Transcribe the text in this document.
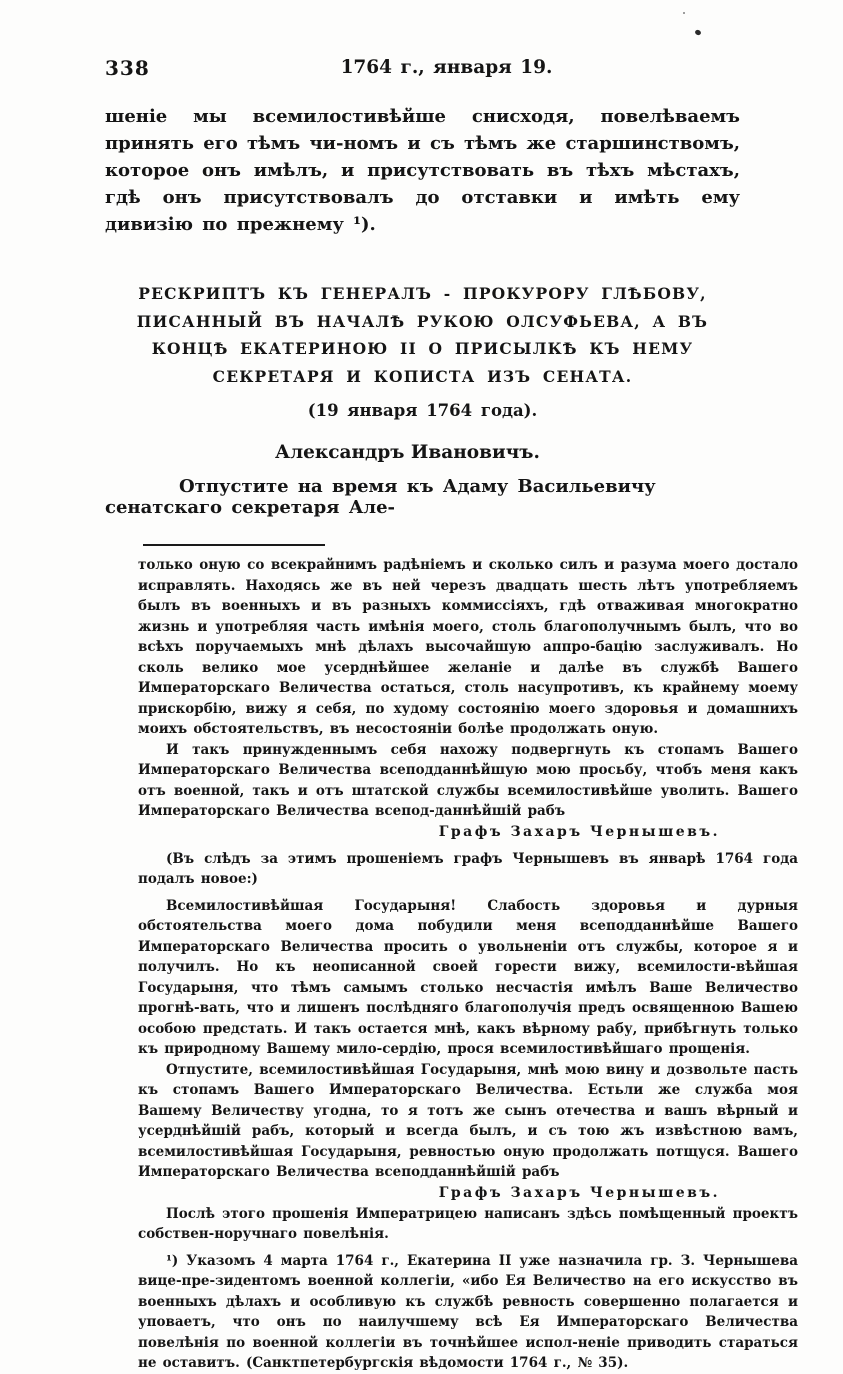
338	1764 г., января 19.

шеніе мы всемилостивѣйше снисходя, повелѣваемъ принять его тѣмъ чи-номъ и съ тѣмъ же старшинствомъ, которое онъ имѣлъ, и присутствовать въ тѣхъ мѣстахъ, гдѣ онъ присутствовалъ до отставки и имѣть ему дивизію по прежнему ¹).

РЕСКРИПТЪ КЪ ГЕНЕРАЛЪ - ПРОКУРОРУ ГЛѢБОВУ, ПИСАННЫЙ ВЪ НАЧАЛѢ РУКОЮ ОЛСУФЬЕВА, А ВЪ КОНЦѢ ЕКАТЕРИНОЮ II О ПРИСЫЛКѢ КЪ НЕМУ СЕКРЕТАРЯ И КОПИСТА ИЗЪ СЕНАТА.
(19 января 1764 года).
Александръ Ивановичъ.

Отпустите на время къ Адаму Васильевичу сенатскаго секретаря Але-

только оную со всекрайнимъ радѣніемъ и сколько силъ и разума моего достало исправлять. Находясь же въ ней черезъ двадцать шесть лѣтъ употребляемъ былъ въ военныхъ и въ разныхъ коммиссіяхъ, гдѣ отваживая многократно жизнь и употребляя часть имѣнія моего, столь благополучнымъ былъ, что во всѣхъ поручаемыхъ мнѣ дѣлахъ высочайшую аппро-бацію заслуживалъ. Но сколь велико мое усерднѣйшее желаніе и далѣе въ службѣ Вашего Императорскаго Величества остаться, столь насупротивъ, къ крайнему моему прискорбію, вижу я себя, по худому состоянію моего здоровья и домашнихъ моихъ обстоятельствъ, въ несостояніи болѣе продолжать оную.

И такъ принужденнымъ себя нахожу подвергнуть къ стопамъ Вашего Императорскаго Величества всеподданнѣйшую мою просьбу, чтобъ меня какъ отъ военной, такъ и отъ штатской службы всемилостивѣйше уволить. Вашего Императорскаго Величества всепод-даннѣйшій рабъ

Графъ Захаръ Чернышевъ.

(Въ слѣдъ за этимъ прошеніемъ графъ Чернышевъ въ январѣ 1764 года подалъ новое:)

Всемилостивѣйшая Государыня! Слабость здоровья и дурныя обстоятельства моего дома побудили меня всеподданнѣйше Вашего Императорскаго Величества просить о увольненіи отъ службы, которое я и получилъ. Но къ неописанной своей горести вижу, всемилости-вѣйшая Государыня, что тѣмъ самымъ столько несчастія имѣлъ Ваше Величество прогнѣ-вать, что и лишенъ послѣдняго благополучія предъ освященною Вашею особою предстать. И такъ остается мнѣ, какъ вѣрному рабу, прибѣгнуть только къ природному Вашему мило-сердію, прося всемилостивѣйшаго прощенія.

Отпустите, всемилостивѣйшая Государыня, мнѣ мою вину и дозвольте пасть къ стопамъ Вашего Императорскаго Величества. Естьли же служба моя Вашему Величеству угодна, то я тотъ же сынъ отечества и вашъ вѣрный и усерднѣйшій рабъ, который и всегда былъ, и съ тою жъ извѣстною вамъ, всемилостивѣйшая Государыня, ревностью оную продолжать потщуся. Вашего Императорскаго Величества всеподданнѣйшій рабъ

Графъ Захаръ Чернышевъ.

Послѣ этого прошенія Императрицею написанъ здѣсь помѣщенный проектъ собствен-норучнаго повелѣнія.

¹) Указомъ 4 марта 1764 г., Екатерина II уже назначила гр. З. Чернышева вице-пре-зидентомъ военной коллегіи, «ибо Ея Величество на его искусство въ военныхъ дѣлахъ и особливую къ службѣ ревность совершенно полагается и уповаетъ, что онъ по наилучшему всѣ Ея Императорскаго Величества повелѣнія по военной коллегіи въ точнѣйшее испол-неніе приводить стараться не оставитъ. (Санктпетербургскія вѣдомости 1764 г., № 35).
